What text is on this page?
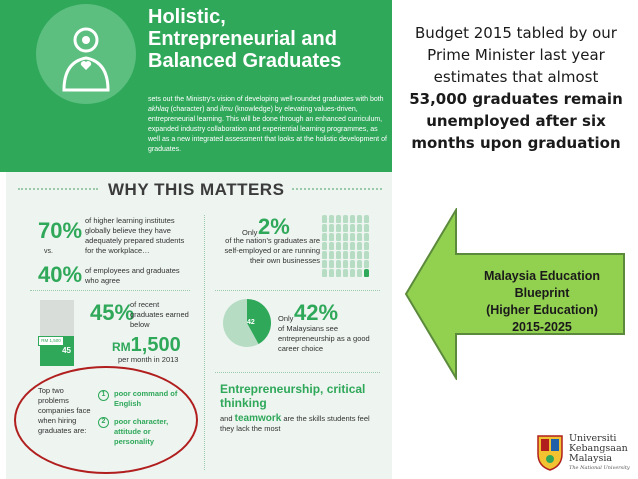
Holistic,
Entrepreneurial and
Balanced Graduates
sets out the Ministry's vision of developing well-rounded graduates with both akhlaq (character) and ilmu (knowledge) by elevating values-driven, entrepreneurial learning. This will be done through an enhanced curriculum, expanded industry collaboration and experiential learning programmes, as well as a new integrated assessment that looks at the holistic development of graduates.
WHY THIS MATTERS
70% of higher learning institutes globally believe they have adequately prepared students for the workplace…
vs.
40% of employees and graduates who agree
Only 2%
of the nation's graduates are self-employed or are running their own businesses
45
RM 1,500
45%
of recent graduates earned below
RM1,500
per month in 2013
42	Only 42%
of Malaysians see entrepreneurship as a good career choice
Top two problems companies face when hiring graduates are:
1	poor command of English
2	poor character, attitude or personality
Entrepreneurship, critical thinking
and teamwork are the skills students feel they lack the most
Budget 2015 tabled by our
Prime Minister last year
estimates that almost
53,000 graduates remain
unemployed after six
months upon graduation
Malaysia Education
Blueprint
(Higher Education)
2015-2025
Universiti
Kebangsaan
Malaysia
The National University
